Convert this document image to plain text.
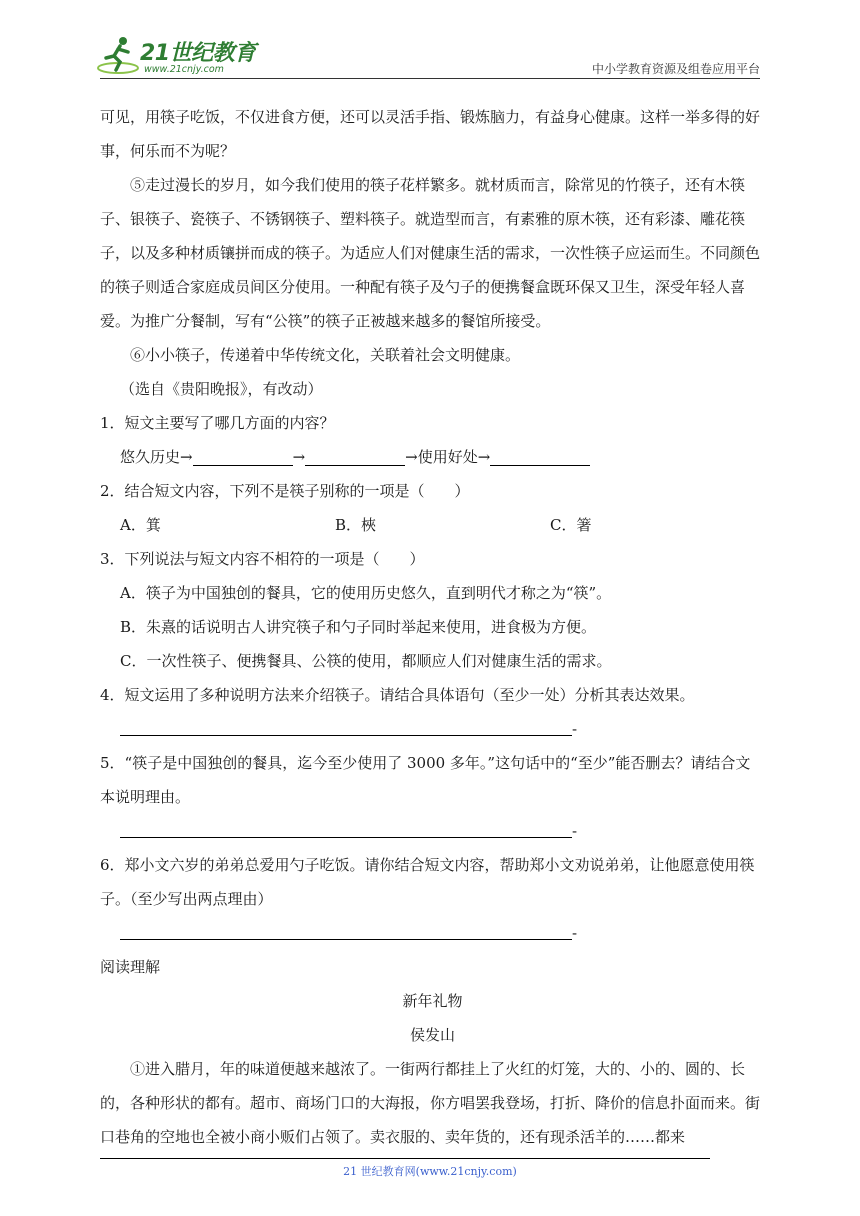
21世纪教育
www.21cnjy.com	中小学教育资源及组卷应用平台

可见，用筷子吃饭，不仅进食方便，还可以灵活手指、锻炼脑力，有益身心健康。这样一举多得的好事，何乐而不为呢？

⑤走过漫长的岁月，如今我们使用的筷子花样繁多。就材质而言，除常见的竹筷子，还有木筷子、银筷子、瓷筷子、不锈钢筷子、塑料筷子。就造型而言，有素雅的原木筷，还有彩漆、雕花筷子，以及多种材质镶拼而成的筷子。为适应人们对健康生活的需求，一次性筷子应运而生。不同颜色的筷子则适合家庭成员间区分使用。一种配有筷子及勺子的便携餐盒既环保又卫生，深受年轻人喜爱。为推广分餐制，写有“公筷”的筷子正被越来越多的餐馆所接受。

⑥小小筷子，传递着中华传统文化，关联着社会文明健康。

（选自《贵阳晚报》，有改动）

1．短文主要写了哪几方面的内容？

悠久历史→	→	→使用好处→

2．结合短文内容，下列不是筷子别称的一项是（　　）

A．箕	B．梜	C．箸

3．下列说法与短文内容不相符的一项是（　　）

A．筷子为中国独创的餐具，它的使用历史悠久，直到明代才称之为“筷”。

B．朱熹的话说明古人讲究筷子和勺子同时举起来使用，进食极为方便。

C．一次性筷子、便携餐具、公筷的使用，都顺应人们对健康生活的需求。

4．短文运用了多种说明方法来介绍筷子。请结合具体语句（至少一处）分析其表达效果。

-

5．“筷子是中国独创的餐具，迄今至少使用了 3000 多年。”这句话中的“至少”能否删去？请结合文本说明理由。

-

6．郑小文六岁的弟弟总爱用勺子吃饭。请你结合短文内容，帮助郑小文劝说弟弟，让他愿意使用筷子。（至少写出两点理由）

-

阅读理解

新年礼物

侯发山

①进入腊月，年的味道便越来越浓了。一街两行都挂上了火红的灯笼，大的、小的、圆的、长的，各种形状的都有。超市、商场门口的大海报，你方唱罢我登场，打折、降价的信息扑面而来。街口巷角的空地也全被小商小贩们占领了。卖衣服的、卖年货的，还有现杀活羊的……都来

21 世纪教育网(www.21cnjy.com)
